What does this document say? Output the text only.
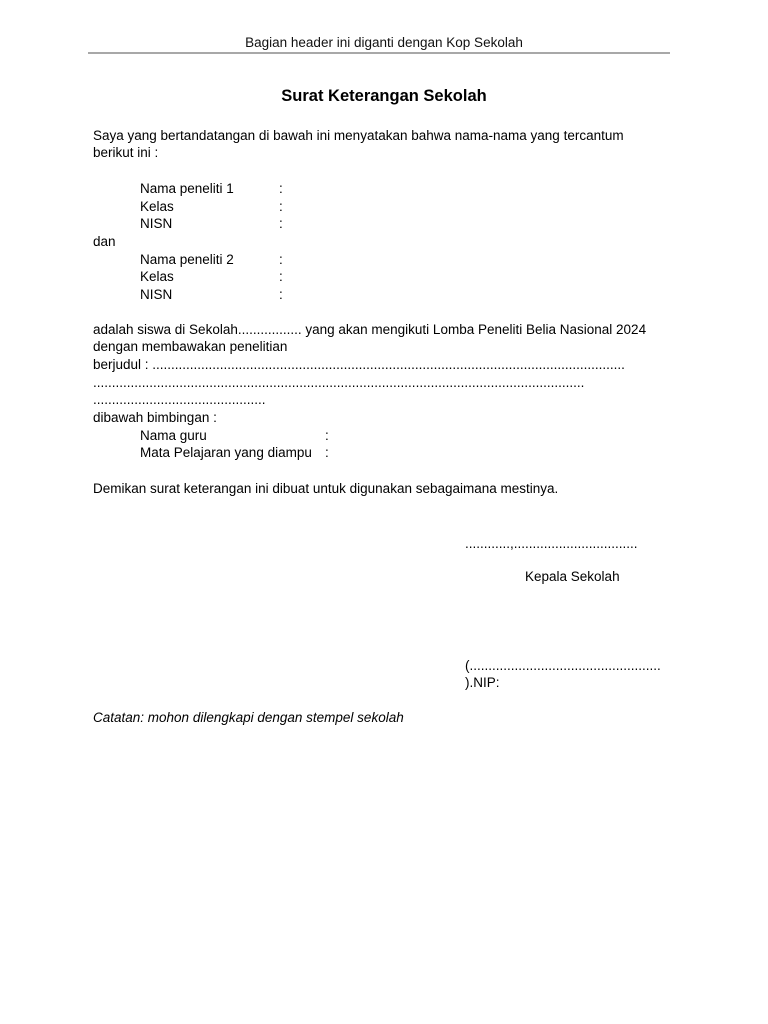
Bagian header ini diganti dengan Kop Sekolah
Surat Keterangan Sekolah
Saya yang bertandatangan di bawah ini menyatakan bahwa nama-nama yang tercantum
berikut ini :
Nama peneliti 1	:
Kelas	:
NISN	:
dan
Nama peneliti 2	:
Kelas	:
NISN	:
adalah siswa di Sekolah................. yang akan mengikuti Lomba Peneliti Belia Nasional 2024
dengan membawakan penelitian
berjudul : ..............................................................................................................................
...................................................................................................................................
..............................................
dibawah bimbingan :
Nama guru	:
Mata Pelajaran yang diampu :
Demikan surat keterangan ini dibuat untuk digunakan sebagaimana mestinya.
............,.................................
Kepala Sekolah
(...................................................
).NIP:
Catatan: mohon dilengkapi dengan stempel sekolah
